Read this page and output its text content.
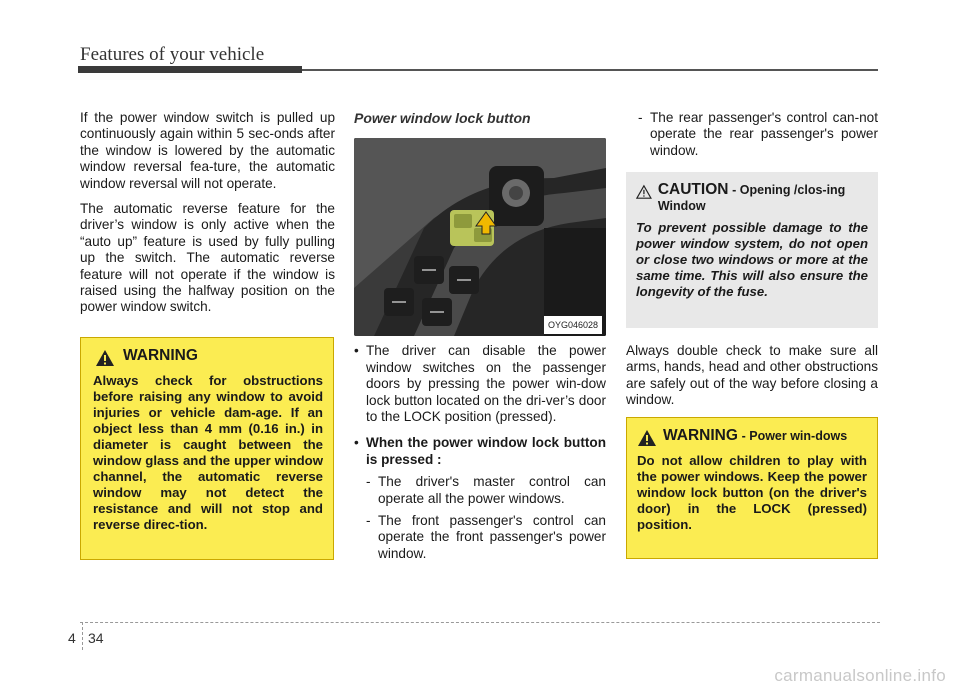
Features of your vehicle

If the power window switch is pulled up continuously again within 5 sec-onds after the window is lowered by the automatic window reversal fea-ture, the automatic window reversal will not operate.

The automatic reverse feature for the driver’s window is only active when the “auto up” feature is used by fully pulling up the switch. The automatic reverse feature will not operate if the window is raised using the halfway position on the power window switch.

WARNING
Always check for obstructions before raising any window to avoid injuries or vehicle dam-age. If an object less than 4 mm (0.16 in.) in diameter is caught between the window glass and the upper window channel, the automatic reverse window may not detect the resistance and will not stop and reverse direc-tion.
Power window lock button
OYG046028
• The driver can disable the power window switches on the passenger doors by pressing the power win-dow lock button located on the dri-ver’s door to the LOCK position (pressed).
• When the power window lock button is pressed :
- The driver's master control can operate all the power windows.
- The front passenger's control can operate the front passenger's power window.
- The rear passenger's control can-not operate the rear passenger's power window.
CAUTION - Opening /clos-ing Window
To prevent possible damage to the power window system, do not open or close two windows or more at the same time. This will also ensure the longevity of the fuse.

Always double check to make sure all arms, hands, head and other obstructions are safely out of the way before closing a window.

WARNING - Power win-dows
Do not allow children to play with the power windows. Keep the power window lock button (on the driver's door) in the LOCK (pressed) position.
4 34
carmanualsonline.info
